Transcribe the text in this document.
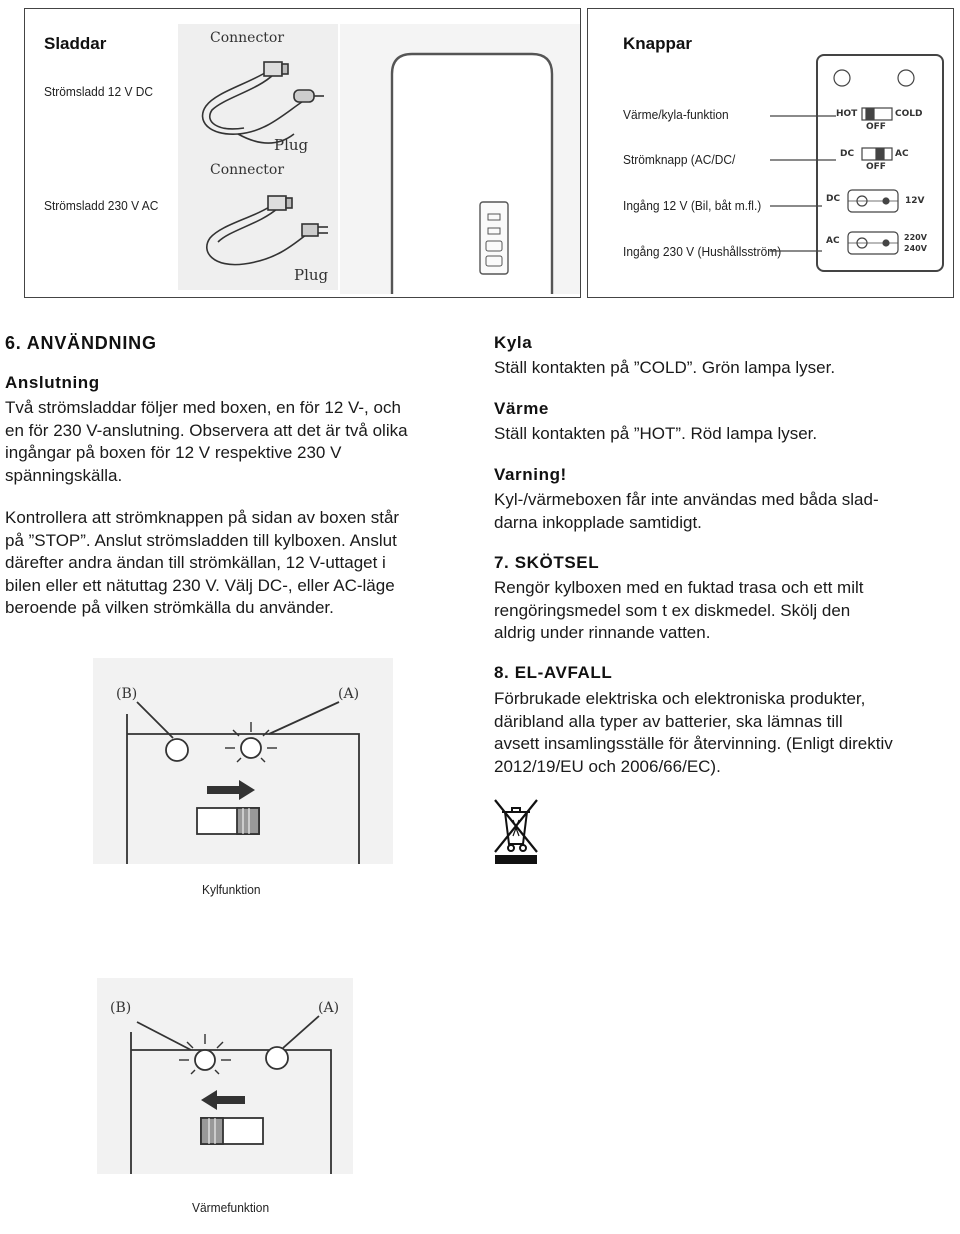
Sladdar
Strömsladd 12 V DC
Strömsladd 230 V AC
Connector
Plug
Connector
Plug
Knappar
Värme/kyla-funktion
Strömknapp (AC/DC/
Ingång 12 V (Bil, båt m.fl.)
Ingång 230 V (Hushållsström)
HOT	COLD
OFF
DC	AC
OFF
DC	12V
AC	220V
240V
6. ANVÄNDNING
Anslutning
Två strömsladdar följer med boxen, en för 12 V-, och
en för 230 V-anslutning. Observera att det är två olika
ingångar på boxen för 12 V respektive 230 V
spänningskälla.
Kontrollera att strömknappen på sidan av boxen står
på ”STOP”. Anslut strömsladden till kylboxen. Anslut
därefter andra ändan till strömkällan, 12 V-uttaget i
bilen eller ett nätuttag 230 V. Välj DC-, eller AC-läge
beroende på vilken strömkälla du använder.
(B)	(A)
Kylfunktion
(B)	(A)
Värmefunktion
Kyla
Ställ kontakten på ”COLD”. Grön lampa lyser.
Värme
Ställ kontakten på ”HOT”. Röd lampa lyser.
Varning!
Kyl-/värmeboxen får inte användas med båda slad-
darna inkopplade samtidigt.
7. SKÖTSEL
Rengör kylboxen med en fuktad trasa och ett milt
rengöringsmedel som t ex diskmedel. Skölj den
aldrig under rinnande vatten.
8. EL-AVFALL
Förbrukade elektriska och elektroniska produkter,
däribland alla typer av batterier, ska lämnas till
avsett insamlingsställe för återvinning. (Enligt direktiv
2012/19/EU och 2006/66/EC).
